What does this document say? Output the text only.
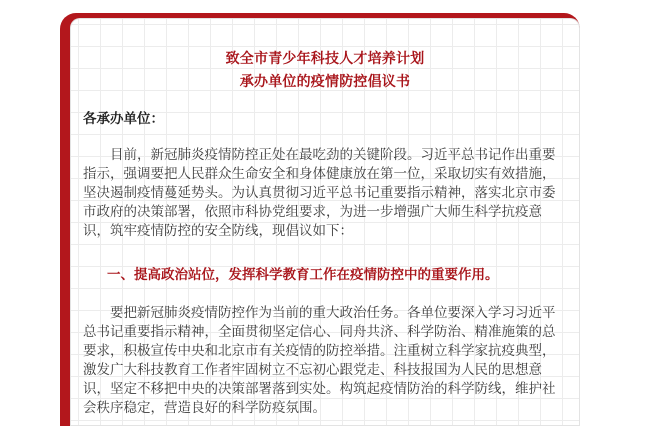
致全市青少年科技人才培养计划
承办单位的疫情防控倡议书
各承办单位：
目前，新冠肺炎疫情防控正处在最吃劲的关键阶段。习近平总书记作出重要
指示，强调要把人民群众生命安全和身体健康放在第一位，采取切实有效措施，
坚决遏制疫情蔓延势头。为认真贯彻习近平总书记重要指示精神，落实北京市委
市政府的决策部署，依照市科协党组要求，为进一步增强广大师生科学抗疫意
识，筑牢疫情防控的安全防线，现倡议如下：
一、提高政治站位，发挥科学教育工作在疫情防控中的重要作用。
要把新冠肺炎疫情防控作为当前的重大政治任务。各单位要深入学习习近平
总书记重要指示精神，全面贯彻坚定信心、同舟共济、科学防治、精准施策的总
要求，积极宣传中央和北京市有关疫情的防控举措。注重树立科学家抗疫典型，
激发广大科技教育工作者牢固树立不忘初心跟党走、科技报国为人民的思想意
识，坚定不移把中央的决策部署落到实处。构筑起疫情防治的科学防线，维护社
会秩序稳定，营造良好的科学防疫氛围。
